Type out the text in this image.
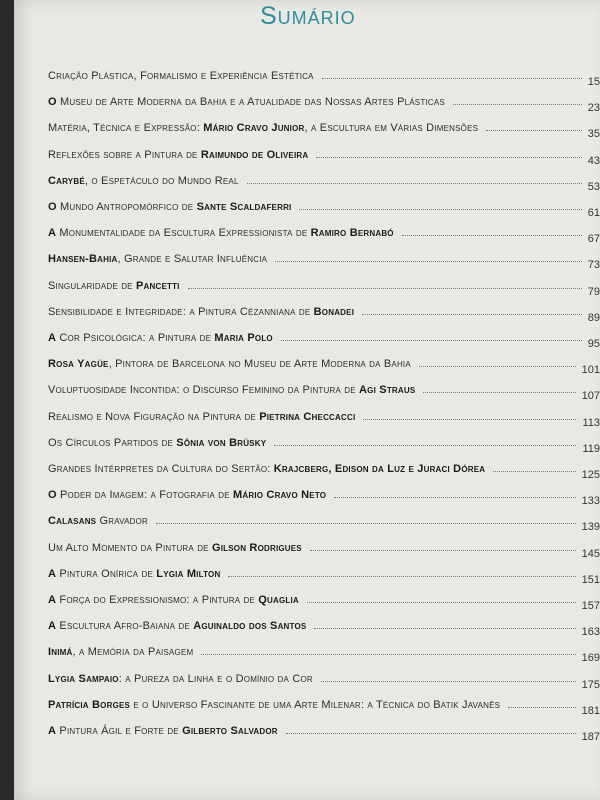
Sumário
Criação Plástica, Formalismo e Experiência Estética	15
O Museu de Arte Moderna da Bahia e a Atualidade das Nossas Artes Plásticas	23
Matéria, Técnica e Expressão: Mário Cravo Junior, a Escultura em Várias Dimensões	35
Reflexões sobre a Pintura de Raimundo de Oliveira	43
Carybé, o Espetáculo do Mundo Real	53
O Mundo Antropomórfico de Sante Scaldaferri	61
A Monumentalidade da Escultura Expressionista de Ramiro Bernabó	67
Hansen-Bahia, Grande e Salutar Influência	73
Singularidade de Pancetti	79
Sensibilidade e Integridade: a Pintura Cézanniana de Bonadei	89
A Cor Psicológica: a Pintura de Maria Polo	95
Rosa Yagüe, Pintora de Barcelona no Museu de Arte Moderna da Bahia	101
Voluptuosidade Incontida: o Discurso Feminino da Pintura de Agi Straus	107
Realismo e Nova Figuração na Pintura de Pietrina Checcacci	113
Os Círculos Partidos de Sônia von Brüsky	119
Grandes Intérpretes da Cultura do Sertão: Krajcberg, Edison da Luz e Juraci Dórea	125
O Poder da Imagem: a Fotografia de Mário Cravo Neto	133
Calasans Gravador	139
Um Alto Momento da Pintura de Gilson Rodrigues	145
A Pintura Onírica de Lygia Milton	151
A Força do Expressionismo: a Pintura de Quaglia	157
A Escultura Afro-Baiana de Aguinaldo dos Santos	163
Inimá, a Memória da Paisagem	169
Lygia Sampaio: a Pureza da Linha e o Domínio da Cor	175
Patrícia Borges e o Universo Fascinante de uma Arte Milenar: a Técnica do Batik Javanês	181
A Pintura Ágil e Forte de Gilberto Salvador	187
